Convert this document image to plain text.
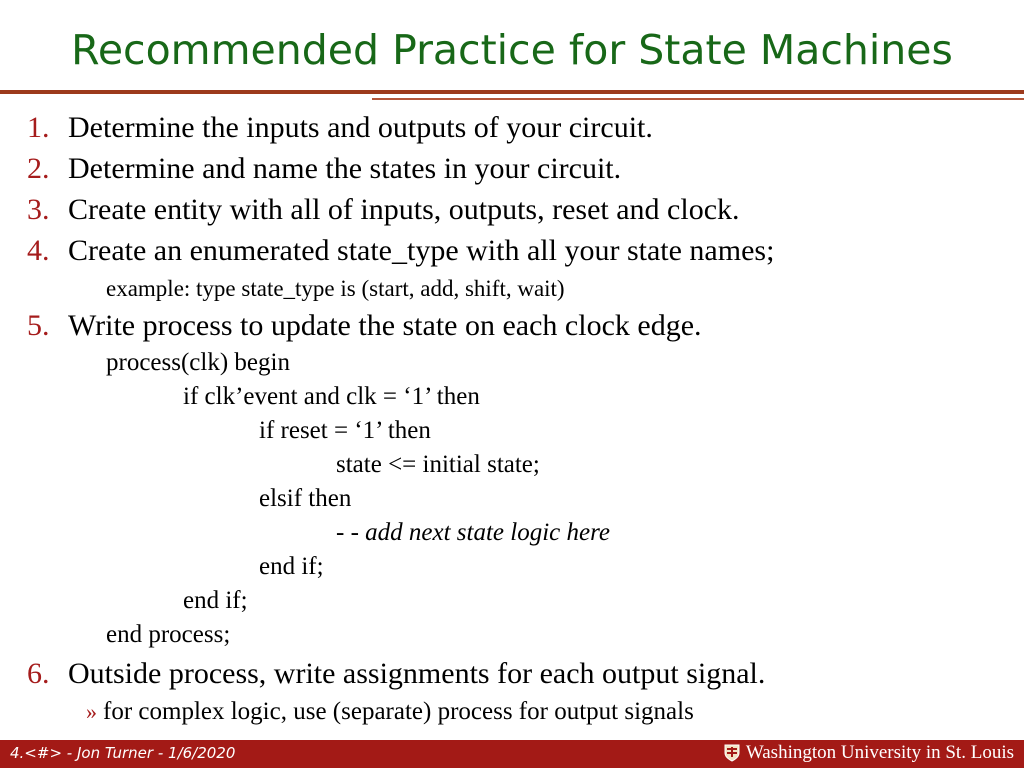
Recommended Practice for State Machines
1. Determine the inputs and outputs of your circuit.
2. Determine and name the states in your circuit.
3. Create entity with all of inputs, outputs, reset and clock.
4. Create an enumerated state_type with all your state names;
example: type state_type is (start, add, shift, wait)
5. Write process to update the state on each clock edge.
process(clk) begin
if clk’event and clk = ‘1’ then
if reset = ‘1’ then
state <= initial state;
elsif then
- - add next state logic here
end if;
end if;
end process;
6. Outside process, write assignments for each output signal.
» for complex logic, use (separate) process for output signals
4.<#> - Jon Turner - 1/6/2020	Washington University in St. Louis
